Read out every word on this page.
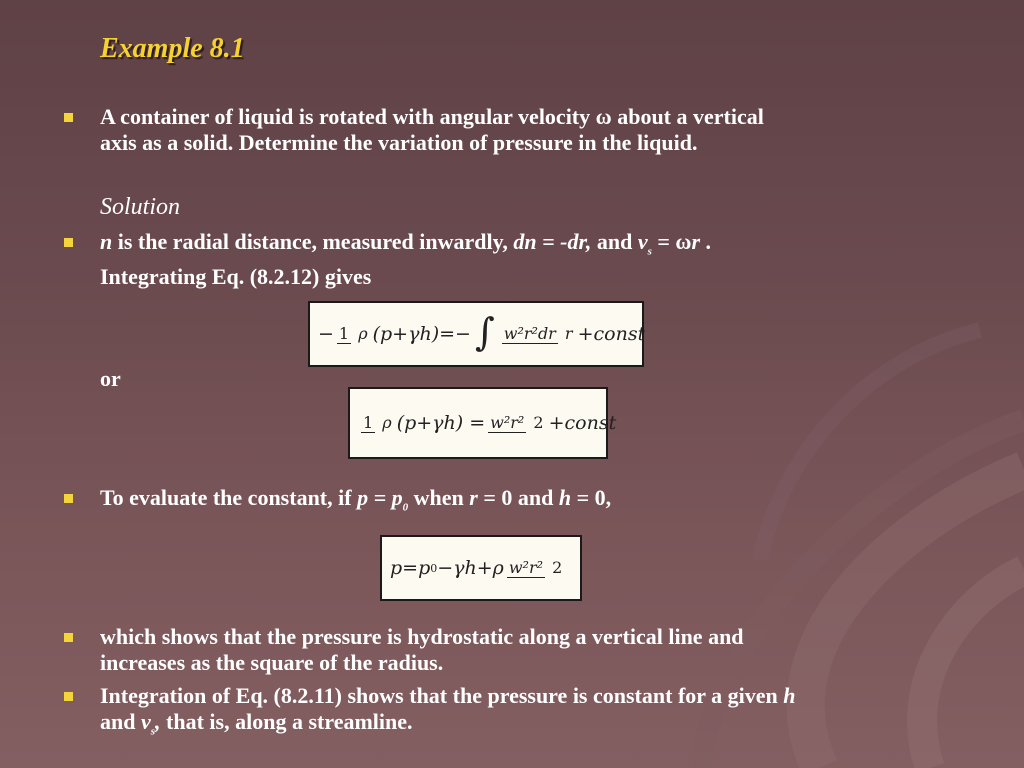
Example 8.1
A container of liquid is rotated with angular velocity ω about a vertical
axis as a solid. Determine the variation of pressure in the liquid.
Solution
n is the radial distance, measured inwardly, dn = -dr, and $v_s = \omega r$ .
Integrating Eq. (8.2.12) gives
− 1 ρ (p+γh)=− ∫ w²r²dr r +const
or
1 ρ (p+γh) = w²r² 2 +const
To evaluate the constant, if $p = p_0$ when r = 0 and h = 0,
p=p 0 −γh+ρ w²r² 2
which shows that the pressure is hydrostatic along a vertical line and
increases as the square of the radius.
Integration of Eq. (8.2.11) shows that the pressure is constant for a given h
and $v_s$, that is, along a streamline.
